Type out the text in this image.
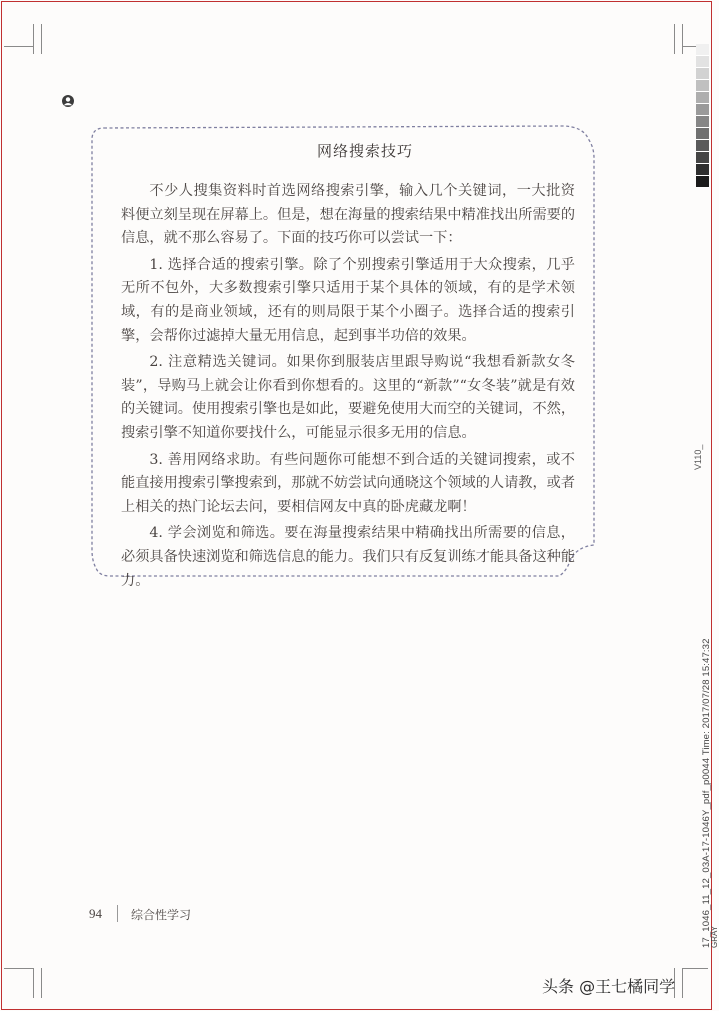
网络搜索技巧

不少人搜集资料时首选网络搜索引擎，输入几个关键词，一大批资料便立刻呈现在屏幕上。但是，想在海量的搜索结果中精准找出所需要的信息，就不那么容易了。下面的技巧你可以尝试一下：

1. 选择合适的搜索引擎。除了个别搜索引擎适用于大众搜索，几乎无所不包外，大多数搜索引擎只适用于某个具体的领域，有的是学术领域，有的是商业领域，还有的则局限于某个小圈子。选择合适的搜索引擎，会帮你过滤掉大量无用信息，起到事半功倍的效果。

2. 注意精选关键词。如果你到服装店里跟导购说“我想看新款女冬装”，导购马上就会让你看到你想看的。这里的“新款”“女冬装”就是有效的关键词。使用搜索引擎也是如此，要避免使用大而空的关键词，不然，搜索引擎不知道你要找什么，可能显示很多无用的信息。

3. 善用网络求助。有些问题你可能想不到合适的关键词搜索，或不能直接用搜索引擎搜索到，那就不妨尝试向通晓这个领域的人请教，或者上相关的热门论坛去问，要相信网友中真的卧虎藏龙啊！

4. 学会浏览和筛选。要在海量搜索结果中精确找出所需要的信息，必须具备快速浏览和筛选信息的能力。我们只有反复训练才能具备这种能力。

94 综合性学习
V110_
17_1046_11_12_03A-17-1046Y_pdf_p0044 Time: 2017/07/28 15:47:32
GRAY
头条 @王七橘同学
